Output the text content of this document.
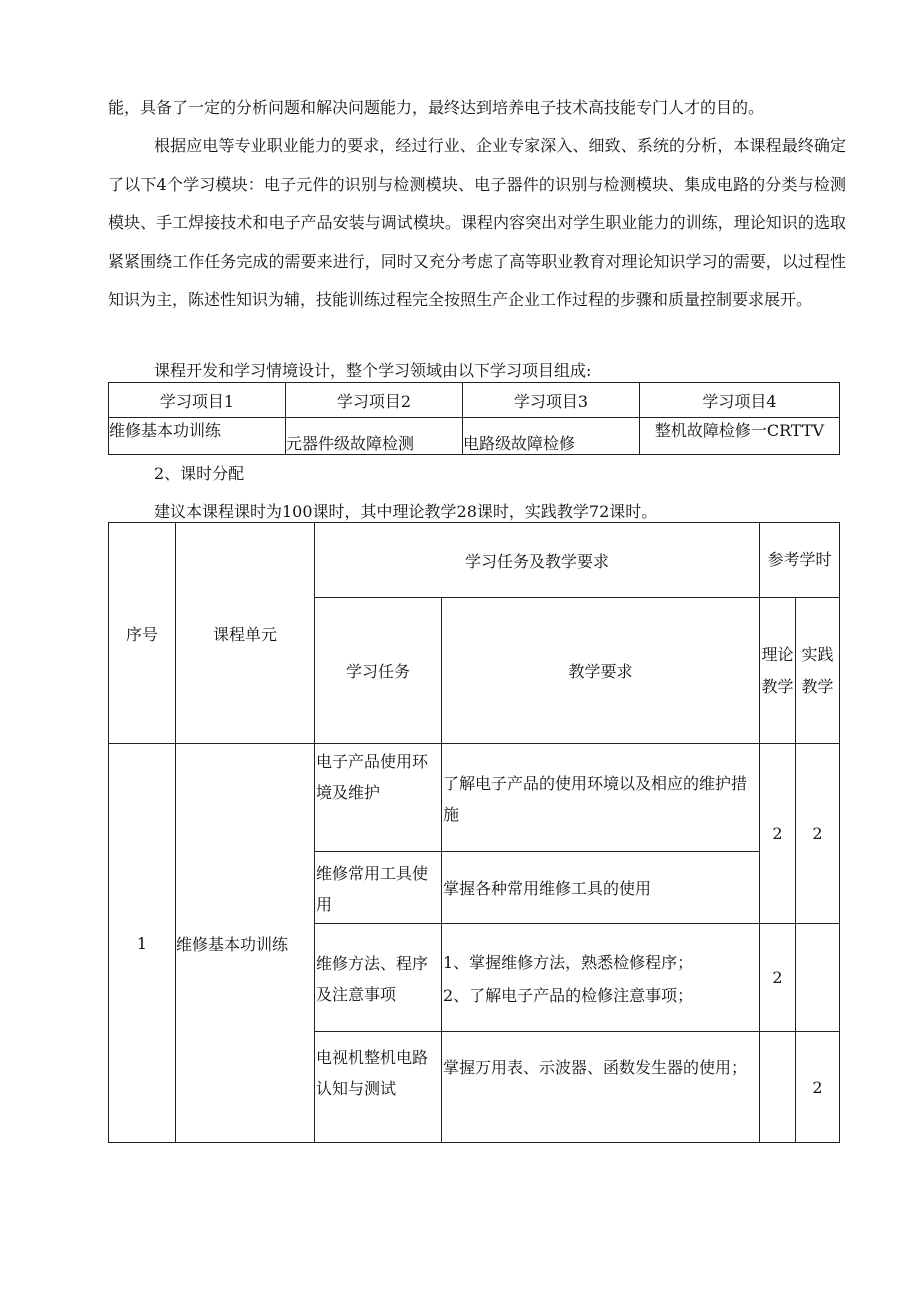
能，具备了一定的分析问题和解决问题能力，最终达到培养电子技术高技能专门人才的目的。

根据应电等专业职业能力的要求，经过行业、企业专家深入、细致、系统的分析，本课程最终确定了以下4个学习模块：电子元件的识别与检测模块、电子器件的识别与检测模块、集成电路的分类与检测模块、手工焊接技术和电子产品安装与调试模块。课程内容突出对学生职业能力的训练，理论知识的选取紧紧围绕工作任务完成的需要来进行，同时又充分考虑了高等职业教育对理论知识学习的需要，以过程性知识为主，陈述性知识为辅，技能训练过程完全按照生产企业工作过程的步骤和质量控制要求展开。

课程开发和学习情境设计，整个学习领域由以下学习项目组成:

学习项目1	学习项目2	学习项目3	学习项目4
维修基本功训练	元器件级故障检测	电路级故障检修	整机故障检修一CRTTV

2、课时分配

建议本课程课时为100课时，其中理论教学28课时，实践教学72课时。

序号	课程单元	学习任务及教学要求		参考学时	
		学习任务	教学要求	理论教学	实践教学
1	维修基本功训练	电子产品使用环境及维护	了解电子产品的使用环境以及相应的维护措施	2	2

		维修常用工具使用	掌握各种常用维修工具的使用		

		维修方法、程序及注意事项	1、掌握维修方法，熟悉检修程序；
2、了解电子产品的检修注意事项；	2	

		电视机整机电路认知与测试	掌握万用表、示波器、函数发生器的使用；		2
